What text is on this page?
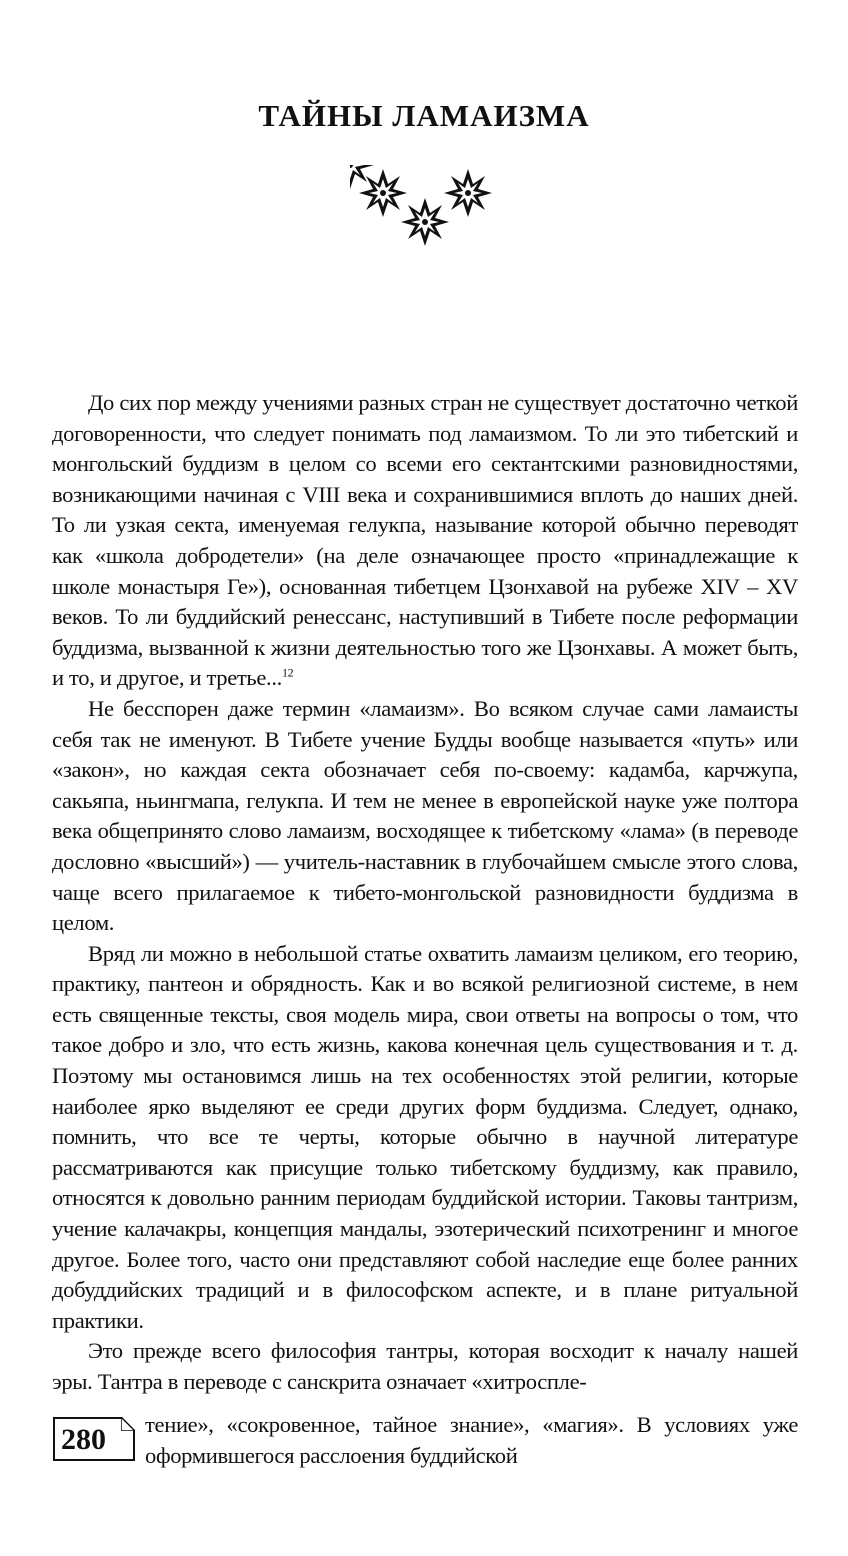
ТАЙНЫ ЛАМАИЗМА

До сих пор между учениями разных стран не существует достаточно четкой договоренности, что следует понимать под ламаизмом. То ли это тибетский и монгольский буддизм в целом со всеми его сектантскими разновидностями, возникающими начиная с VIII века и сохранившимися вплоть до наших дней. То ли узкая секта, именуемая гелукпа, называние которой обычно переводят как «школа добродетели» (на деле означающее просто «принадлежащие к школе монастыря Ге»), основанная тибетцем Цзонхавой на рубеже XIV – XV веков. То ли буддийский ренессанс, наступивший в Тибете после реформации буддизма, вызванной к жизни деятельностью того же Цзонхавы. А может быть, и то, и другое, и третье...$^{12}$

Не бесспорен даже термин «ламаизм». Во всяком случае сами ламаисты себя так не именуют. В Тибете учение Будды вообще называется «путь» или «закон», но каждая секта обозначает себя по-своему: кадамба, карчжупа, сакьяпа, ньингмапа, гелукпа. И тем не менее в европейской науке уже полтора века общепринято слово ламаизм, восходящее к тибетскому «лама» (в переводе дословно «высший») — учитель-наставник в глубочайшем смысле этого слова, чаще всего прилагаемое к тибето-монгольской разновидности буддизма в целом.

Вряд ли можно в небольшой статье охватить ламаизм целиком, его теорию, практику, пантеон и обрядность. Как и во всякой религиозной системе, в нем есть священные тексты, своя модель мира, свои ответы на вопросы о том, что такое добро и зло, что есть жизнь, какова конечная цель существования и т. д. Поэтому мы остановимся лишь на тех особенностях этой религии, которые наиболее ярко выделяют ее среди других форм буддизма. Следует, однако, помнить, что все те черты, которые обычно в научной литературе рассматриваются как присущие только тибетскому буддизму, как правило, относятся к довольно ранним периодам буддийской истории. Таковы тантризм, учение калачакры, концепция мандалы, эзотерический психотренинг и многое другое. Более того, часто они представляют собой наследие еще более ранних добуддийских традиций и в философском аспекте, и в плане ритуальной практики.

Это прежде всего философия тантры, которая восходит к началу нашей эры. Тантра в переводе с санскрита означает «хитроспле-

280 тение», «сокровенное, тайное знание», «магия». В условиях уже оформившегося расслоения буддийской
